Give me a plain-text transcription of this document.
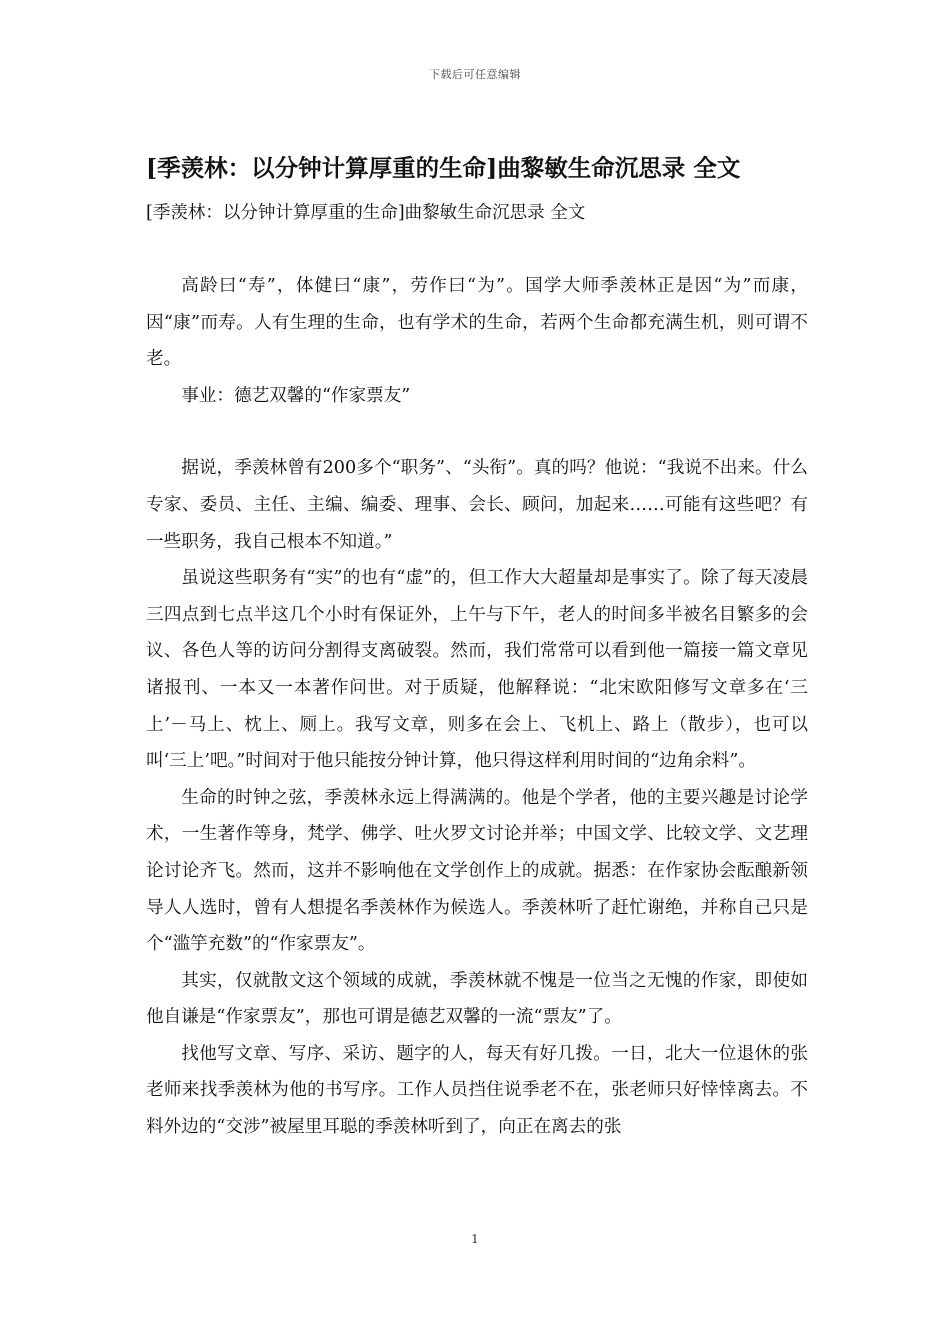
下载后可任意编辑
[季羡林：以分钟计算厚重的生命]曲黎敏生命沉思录 全文
[季羡林：以分钟计算厚重的生命]曲黎敏生命沉思录 全文

高龄曰“寿”，体健曰“康”，劳作曰“为”。国学大师季羡林正是因“为”而康，因“康”而寿。人有生理的生命，也有学术的生命，若两个生命都充满生机，则可谓不老。

事业：德艺双馨的“作家票友”

据说，季羡林曾有200多个“职务”、“头衔”。真的吗？他说：“我说不出来。什么专家、委员、主任、主编、编委、理事、会长、顾问，加起来……可能有这些吧？有一些职务，我自己根本不知道。”

虽说这些职务有“实”的也有“虚”的，但工作大大超量却是事实了。除了每天凌晨三四点到七点半这几个小时有保证外，上午与下午，老人的时间多半被名目繁多的会议、各色人等的访问分割得支离破裂。然而，我们常常可以看到他一篇接一篇文章见诸报刊、一本又一本著作问世。对于质疑，他解释说：“北宋欧阳修写文章多在‘三上’－马上、枕上、厕上。我写文章，则多在会上、飞机上、路上（散步），也可以叫‘三上’吧。”时间对于他只能按分钟计算，他只得这样利用时间的“边角余料”。

生命的时钟之弦，季羡林永远上得满满的。他是个学者，他的主要兴趣是讨论学术，一生著作等身，梵学、佛学、吐火罗文讨论并举；中国文学、比较文学、文艺理论讨论齐飞。然而，这并不影响他在文学创作上的成就。据悉：在作家协会酝酿新领导人人选时，曾有人想提名季羡林作为候选人。季羡林听了赶忙谢绝，并称自己只是个“滥竽充数”的“作家票友”。

其实，仅就散文这个领域的成就，季羡林就不愧是一位当之无愧的作家，即使如他自谦是“作家票友”，那也可谓是德艺双馨的一流“票友”了。

找他写文章、写序、采访、题字的人，每天有好几拨。一日，北大一位退休的张老师来找季羡林为他的书写序。工作人员挡住说季老不在，张老师只好悻悻离去。不料外边的“交涉”被屋里耳聪的季羡林听到了，向正在离去的张

1
